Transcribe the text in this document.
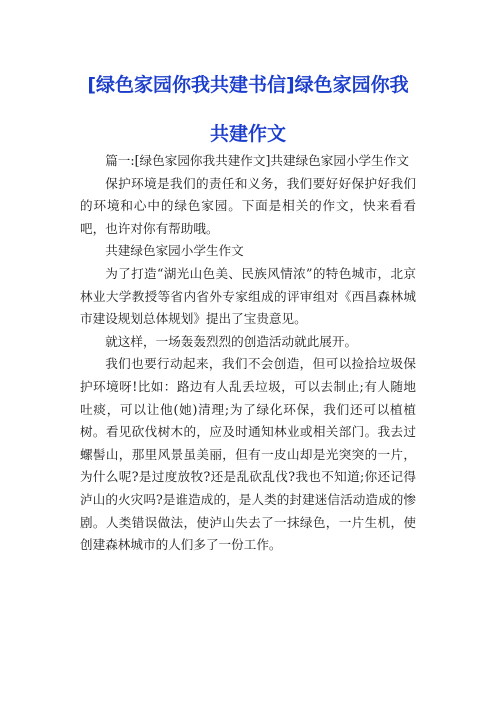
[绿色家园你我共建书信]绿色家园你我
共建作文

篇一:[绿色家园你我共建作文]共建绿色家园小学生作文

保护环境是我们的责任和义务，我们要好好保护好我们的环境和心中的绿色家园。下面是相关的作文，快来看看吧，也许对你有帮助哦。

共建绿色家园小学生作文

为了打造“湖光山色美、民族风情浓”的特色城市，北京林业大学教授等省内省外专家组成的评审组对《西昌森林城市建设规划总体规划》提出了宝贵意见。

就这样，一场轰轰烈烈的创造活动就此展开。

我们也要行动起来，我们不会创造，但可以捡拾垃圾保护环境呀!比如：路边有人乱丢垃圾，可以去制止;有人随地吐痰，可以让他(她)清理;为了绿化环保，我们还可以植植树。看见砍伐树木的，应及时通知林业或相关部门。我去过螺髻山，那里风景虽美丽，但有一皮山却是光突突的一片，为什么呢?是过度放牧?还是乱砍乱伐?我也不知道;你还记得泸山的火灾吗?是谁造成的，是人类的封建迷信活动造成的惨剧。人类错误做法，使泸山失去了一抹绿色，一片生机，使创建森林城市的人们多了一份工作。
